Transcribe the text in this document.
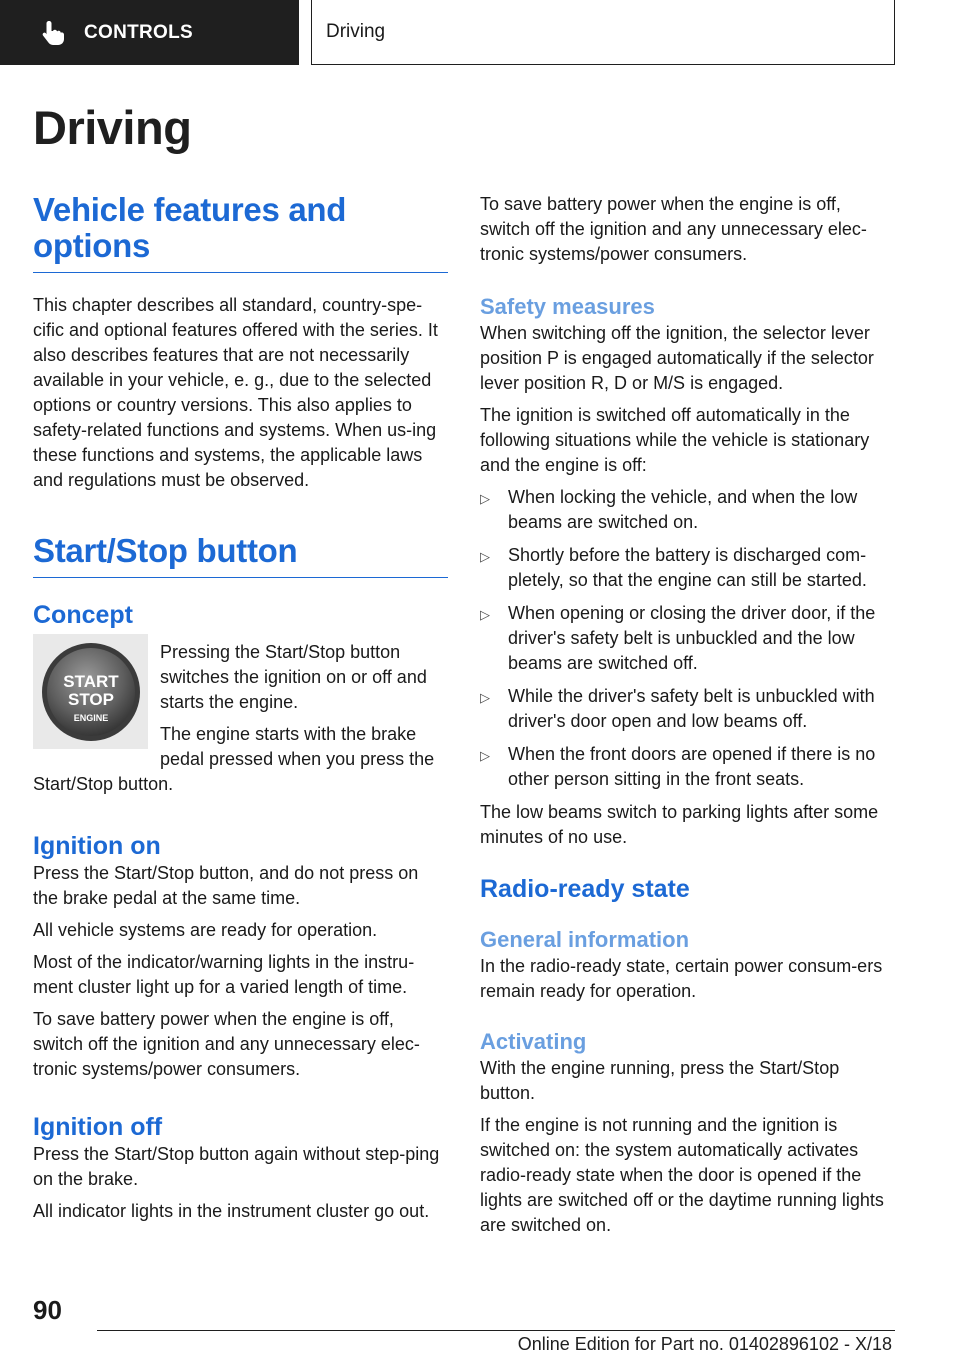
CONTROLS	Driving
Driving
Vehicle features and options

This chapter describes all standard, country-spe-cific and optional features offered with the series. It also describes features that are not necessarily available in your vehicle, e. g., due to the selected options or country versions. This also applies to safety-related functions and systems. When us-ing these functions and systems, the applicable laws and regulations must be observed.

Start/Stop button
Concept
START
STOP
ENGINE

Pressing the Start/Stop button switches the ignition on or off and starts the engine.

The engine starts with the brake pedal pressed when you press the Start/Stop button.

Ignition on

Press the Start/Stop button, and do not press on the brake pedal at the same time.

All vehicle systems are ready for operation.

Most of the indicator/warning lights in the instru-ment cluster light up for a varied length of time.

To save battery power when the engine is off, switch off the ignition and any unnecessary elec-tronic systems/power consumers.

Ignition off

Press the Start/Stop button again without step-ping on the brake.

All indicator lights in the instrument cluster go out.

To save battery power when the engine is off, switch off the ignition and any unnecessary elec-tronic systems/power consumers.

Safety measures

When switching off the ignition, the selector lever position P is engaged automatically if the selector lever position R, D or M/S is engaged.

The ignition is switched off automatically in the following situations while the vehicle is stationary and the engine is off:

▷	When locking the vehicle, and when the low beams are switched on.
▷	Shortly before the battery is discharged com-pletely, so that the engine can still be started.
▷	When opening or closing the driver door, if the driver's safety belt is unbuckled and the low beams are switched off.
▷	While the driver's safety belt is unbuckled with driver's door open and low beams off.
▷	When the front doors are opened if there is no other person sitting in the front seats.

The low beams switch to parking lights after some minutes of no use.

Radio-ready state
General information

In the radio-ready state, certain power consum-ers remain ready for operation.

Activating

With the engine running, press the Start/Stop button.

If the engine is not running and the ignition is switched on: the system automatically activates radio-ready state when the door is opened if the lights are switched off or the daytime running lights are switched on.

90

Online Edition for Part no. 01402896102 - X/18
